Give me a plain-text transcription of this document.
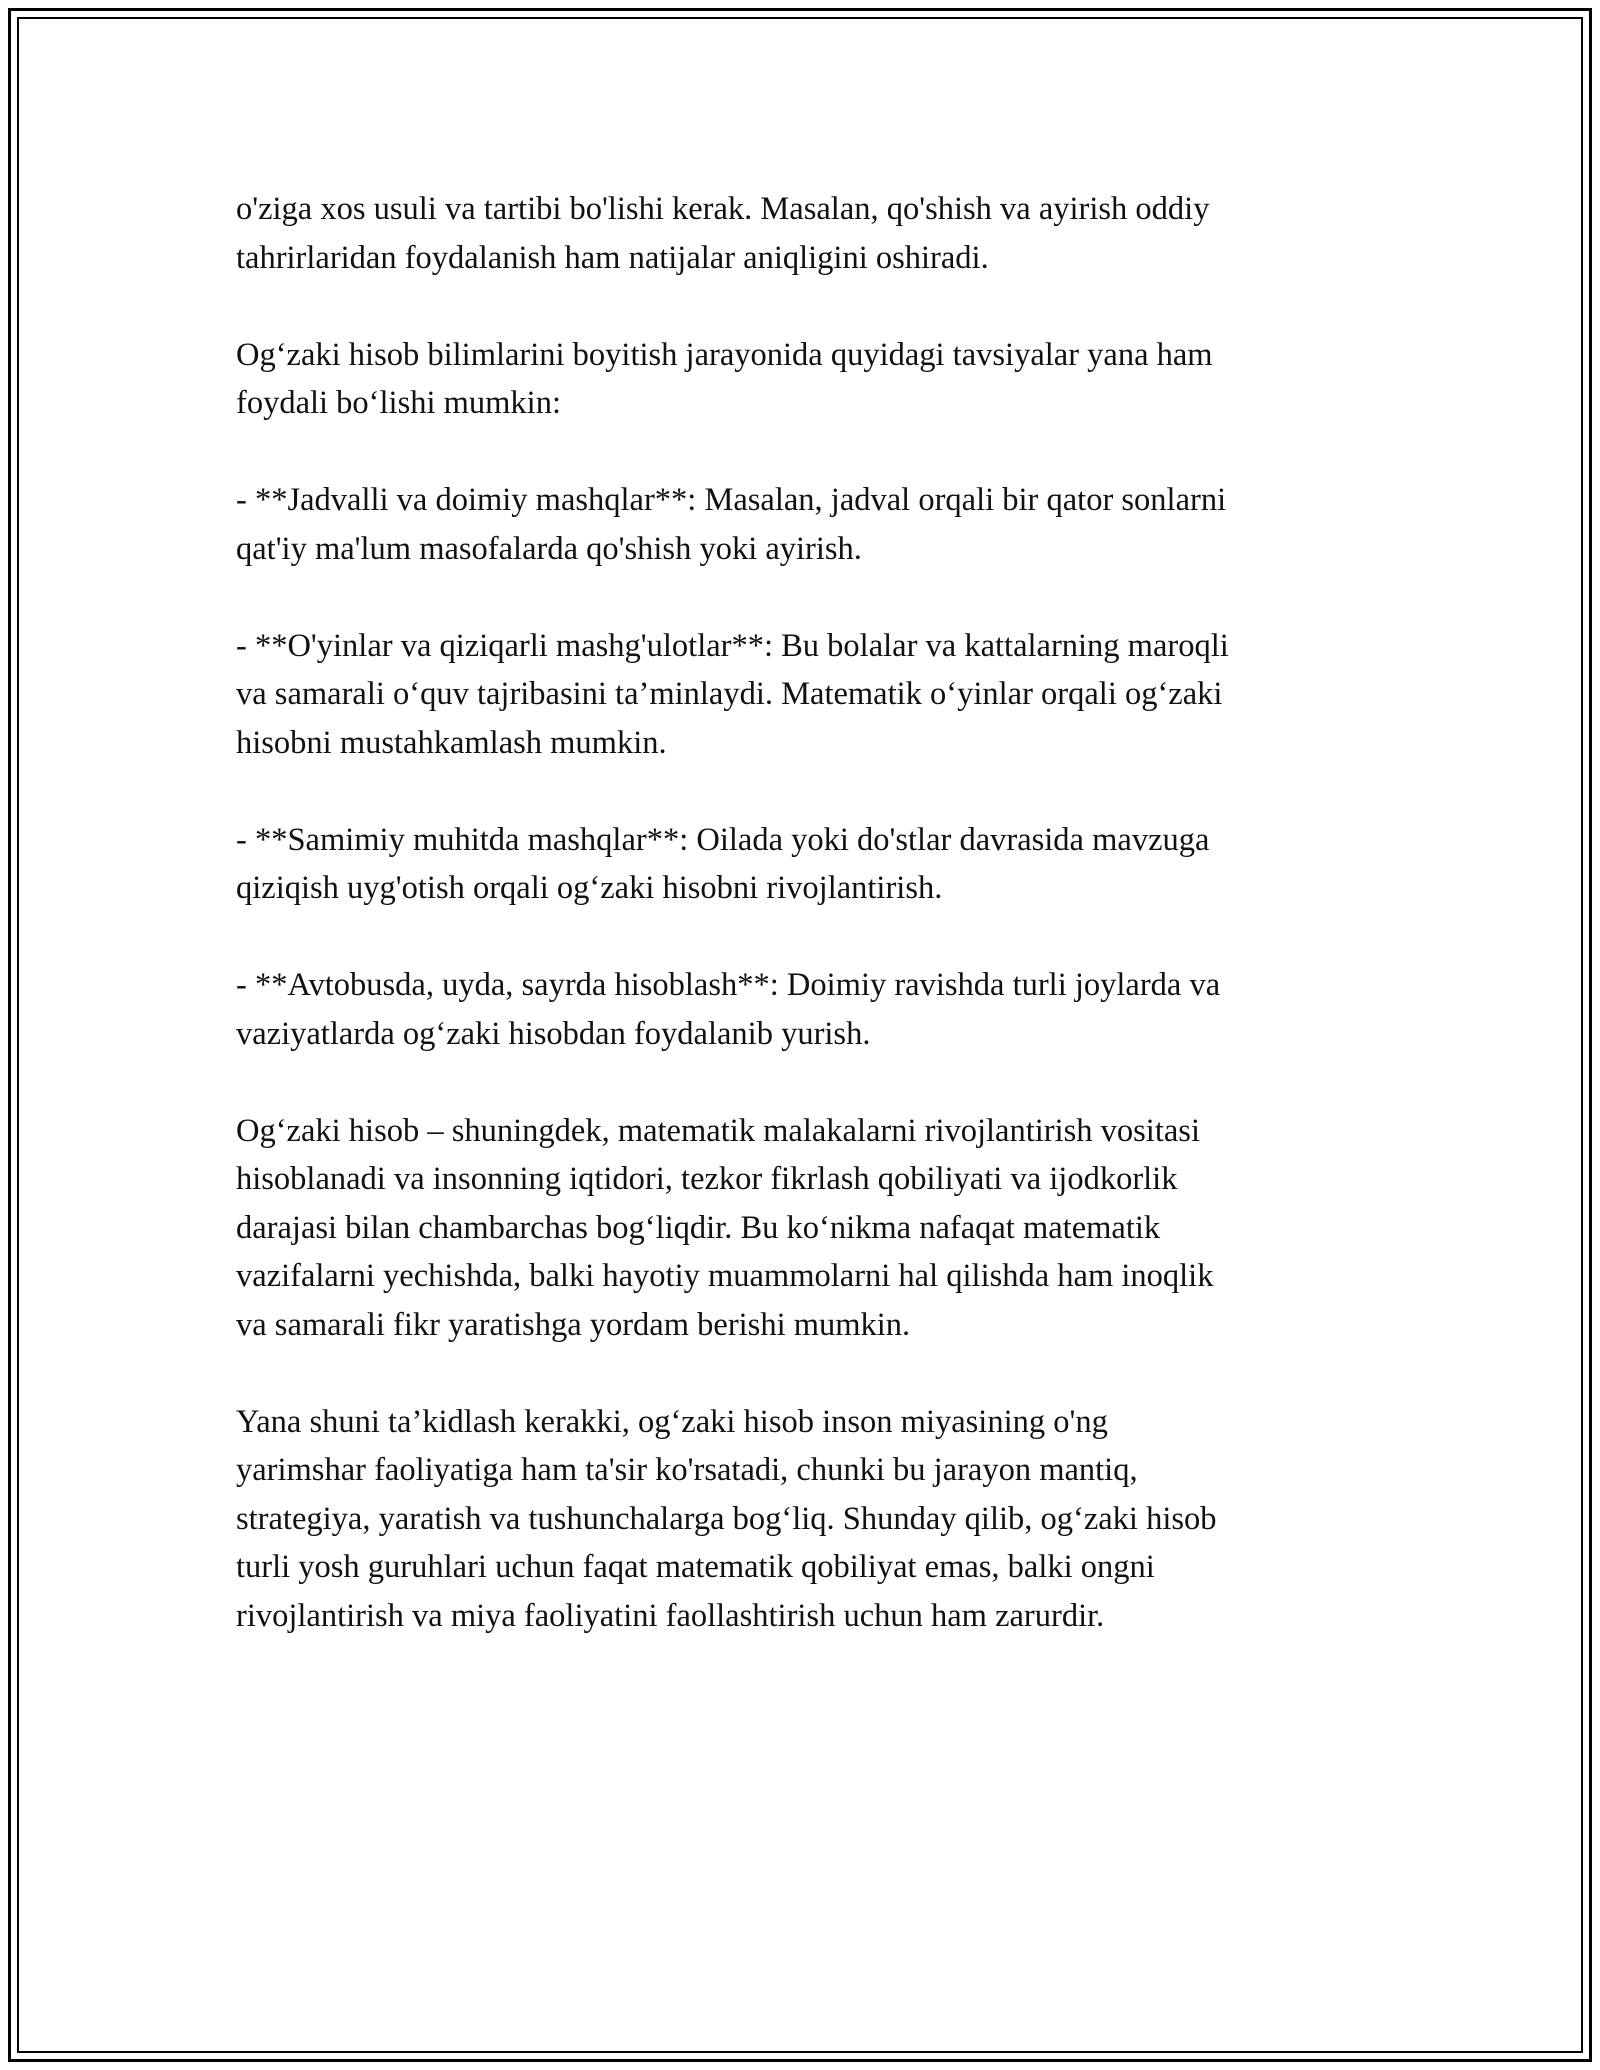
o'ziga xos usuli va tartibi bo'lishi kerak. Masalan, qo'shish va ayirish oddiy
tahrirlaridan foydalanish ham natijalar aniqligini oshiradi.

Og‘zaki hisob bilimlarini boyitish jarayonida quyidagi tavsiyalar yana ham
foydali bo‘lishi mumkin:

- **Jadvalli va doimiy mashqlar**: Masalan, jadval orqali bir qator sonlarni
qat'iy ma'lum masofalarda qo'shish yoki ayirish.

- **O'yinlar va qiziqarli mashg'ulotlar**: Bu bolalar va kattalarning maroqli
va samarali o‘quv tajribasini ta’minlaydi. Matematik o‘yinlar orqali og‘zaki
hisobni mustahkamlash mumkin.

- **Samimiy muhitda mashqlar**: Oilada yoki do'stlar davrasida mavzuga
qiziqish uyg'otish orqali og‘zaki hisobni rivojlantirish.

- **Avtobusda, uyda, sayrda hisoblash**: Doimiy ravishda turli joylarda va
vaziyatlarda og‘zaki hisobdan foydalanib yurish.

Og‘zaki hisob – shuningdek, matematik malakalarni rivojlantirish vositasi
hisoblanadi va insonning iqtidori, tezkor fikrlash qobiliyati va ijodkorlik
darajasi bilan chambarchas bog‘liqdir. Bu ko‘nikma nafaqat matematik
vazifalarni yechishda, balki hayotiy muammolarni hal qilishda ham inoqlik
va samarali fikr yaratishga yordam berishi mumkin.

Yana shuni ta’kidlash kerakki, og‘zaki hisob inson miyasining o'ng
yarimshar faoliyatiga ham ta'sir ko'rsatadi, chunki bu jarayon mantiq,
strategiya, yaratish va tushunchalarga bog‘liq. Shunday qilib, og‘zaki hisob
turli yosh guruhlari uchun faqat matematik qobiliyat emas, balki ongni
rivojlantirish va miya faoliyatini faollashtirish uchun ham zarurdir.
